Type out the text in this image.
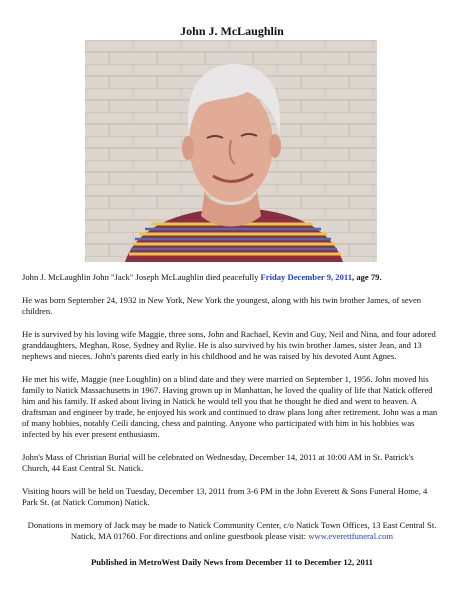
John J. McLaughlin

John J. McLaughlin John "Jack" Joseph McLaughlin died peacefully Friday December 9, 2011, age 79.

He was born September 24, 1932 in New York, New York the youngest, along with his twin brother James, of seven children.

He is survived by his loving wife Maggie, three sons, John and Rachael, Kevin and Guy, Neil and Nina, and four adored granddaughters, Meghan, Rose, Sydney and Rylie. He is also survived by his twin brother James, sister Jean, and 13 nephews and nieces. John's parents died early in his childhood and he was raised by his devoted Aunt Agnes.

He met his wife, Maggie (nee Loughlin) on a blind date and they were married on September 1, 1956. John moved his family to Natick Massachusetts in 1967. Having grown up in Manhattan, he loved the quality of life that Natick offered him and his family. If asked about living in Natick he would tell you that he thought he died and went to heaven. A draftsman and engineer by trade, he enjoyed his work and continued to draw plans long after retirement. John was a man of many hobbies, notably Ceili dancing, chess and painting. Anyone who participated with him in his hobbies was infected by his ever present enthusiasm.

John's Mass of Christian Burial will be celebrated on Wednesday, December 14, 2011 at 10:00 AM in St. Patrick's Church, 44 East Central St. Natick.

Visiting hours will be held on Tuesday, December 13, 2011 from 3-6 PM in the John Everett & Sons Funeral Home, 4 Park St. (at Natick Common) Natick.

Donations in memory of Jack may be made to Natick Community Center, c/o Natick Town Offices, 13 East Central St. Natick, MA 01760. For directions and online guestbook please visit: www.everettfuneral.com

Published in MetroWest Daily News from December 11 to December 12, 2011
